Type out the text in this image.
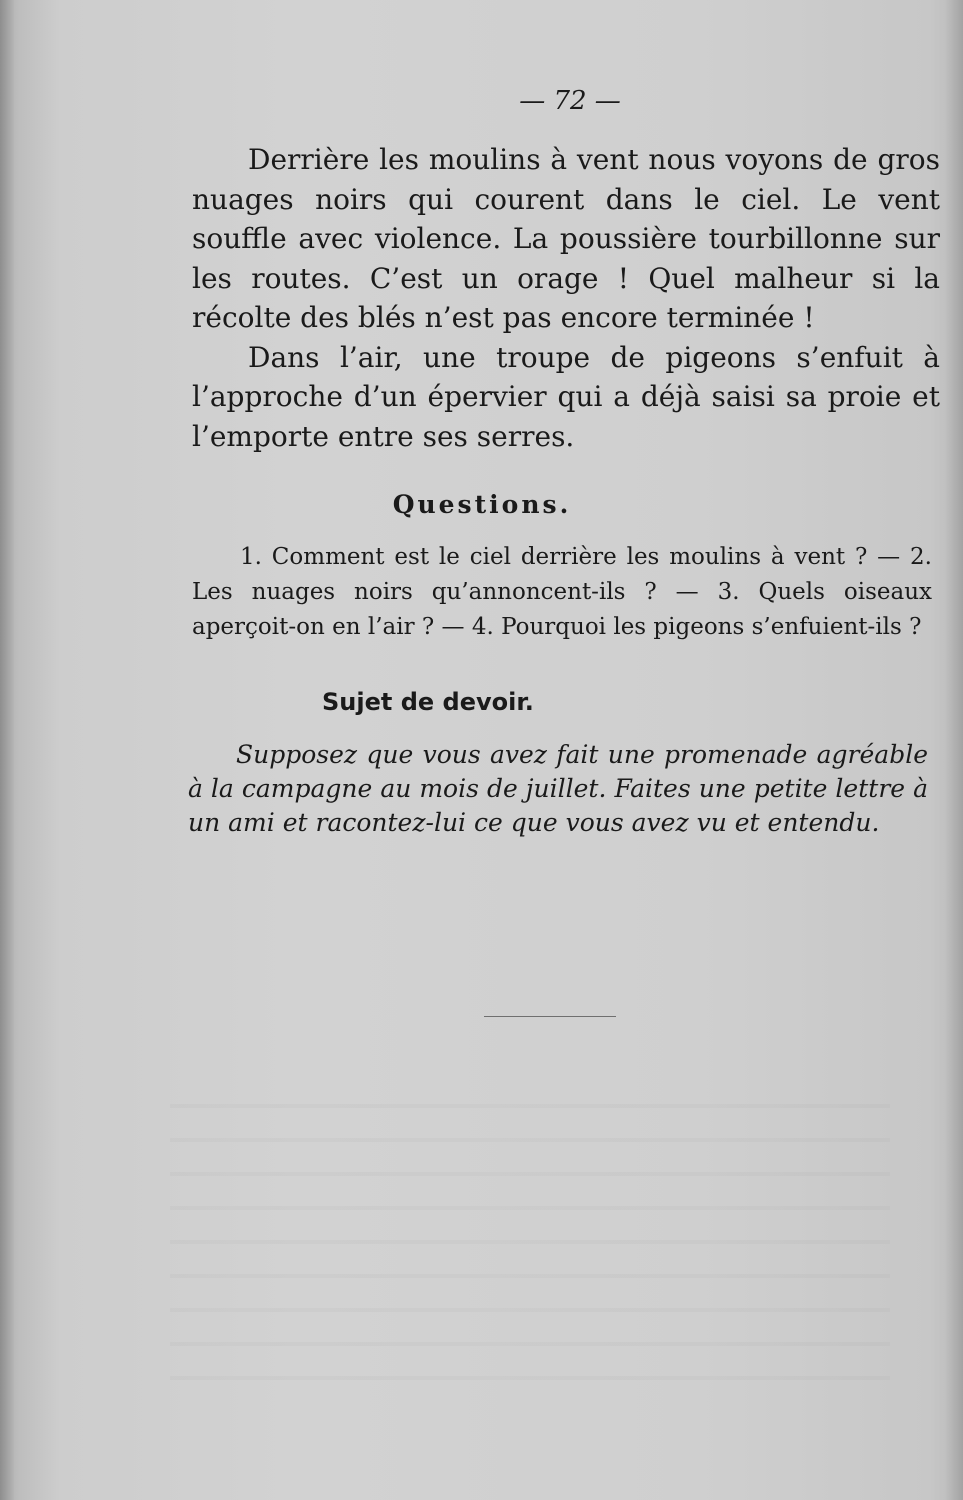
— 72 —

Derrière les moulins à vent nous voyons de gros nuages noirs qui courent dans le ciel. Le vent souffle avec violence. La poussière tourbillonne sur les routes. C’est un orage ! Quel malheur si la récolte des blés n’est pas encore terminée !

Dans l’air, une troupe de pigeons s’enfuit à l’approche d’un épervier qui a déjà saisi sa proie et l’emporte entre ses serres.

Questions.

1. Comment est le ciel derrière les moulins à vent ? — 2. Les nuages noirs qu’annoncent-ils ? — 3. Quels oiseaux aperçoit-on en l’air ? — 4. Pourquoi les pigeons s’enfuient-ils ?

Sujet de devoir.

Supposez que vous avez fait une promenade agréable à la campagne au mois de juillet. Faites une petite lettre à un ami et racontez-lui ce que vous avez vu et entendu.
